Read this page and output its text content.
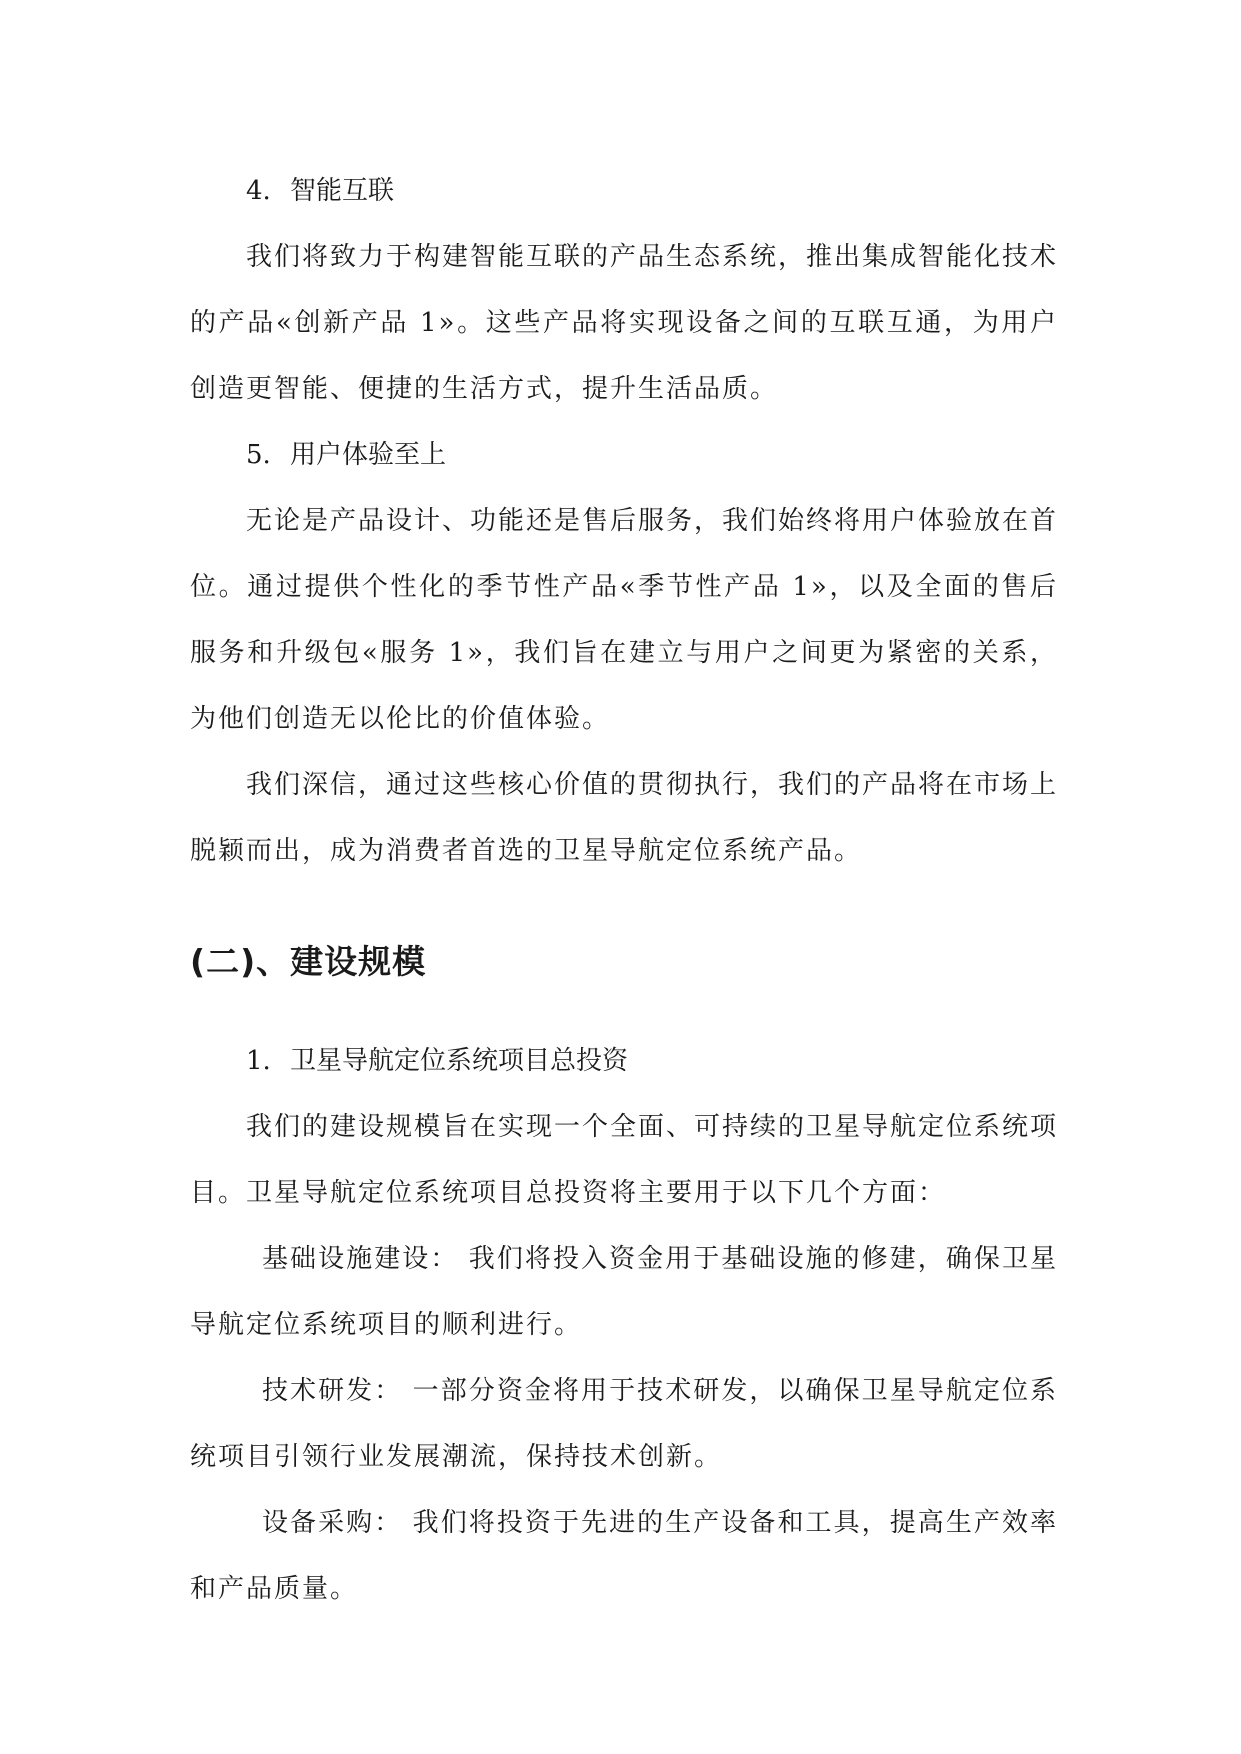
4. 智能互联

我们将致力于构建智能互联的产品生态系统，推出集成智能化技术的产品«创新产品 1»。这些产品将实现设备之间的互联互通，为用户创造更智能、便捷的生活方式，提升生活品质。

5. 用户体验至上

无论是产品设计、功能还是售后服务，我们始终将用户体验放在首位。通过提供个性化的季节性产品«季节性产品 1»，以及全面的售后服务和升级包«服务 1»，我们旨在建立与用户之间更为紧密的关系，为他们创造无以伦比的价值体验。

我们深信，通过这些核心价值的贯彻执行，我们的产品将在市场上脱颖而出，成为消费者首选的卫星导航定位系统产品。

(二)、建设规模

1. 卫星导航定位系统项目总投资

我们的建设规模旨在实现一个全面、可持续的卫星导航定位系统项目。卫星导航定位系统项目总投资将主要用于以下几个方面：

基础设施建设： 我们将投入资金用于基础设施的修建，确保卫星导航定位系统项目的顺利进行。

技术研发： 一部分资金将用于技术研发，以确保卫星导航定位系统项目引领行业发展潮流，保持技术创新。

设备采购： 我们将投资于先进的生产设备和工具，提高生产效率和产品质量。
